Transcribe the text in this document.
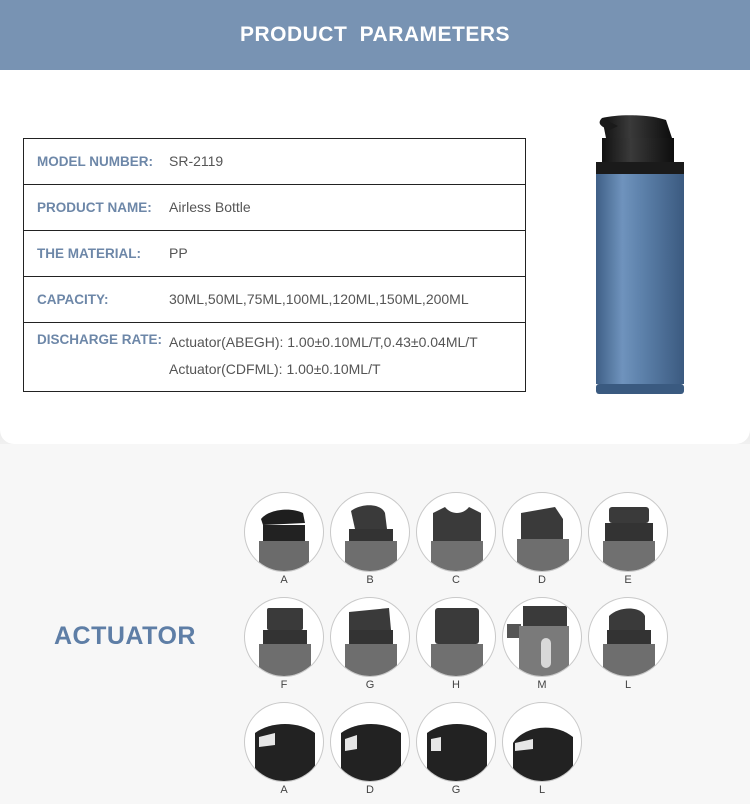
PRODUCT PARAMETERS
MODEL NUMBER:	SR-2119
PRODUCT NAME:	Airless Bottle
THE MATERIAL:	PP
CAPACITY:	30ML,50ML,75ML,100ML,120ML,150ML,200ML
DISCHARGE RATE: Actuator(ABEGH): 1.00±0.10ML/T,0.43±0.04ML/T
Actuator(CDFML): 1.00±0.10ML/T
ACTUATOR
A	B	C	D	E
F	G	H	M	L
A	D	G	L
